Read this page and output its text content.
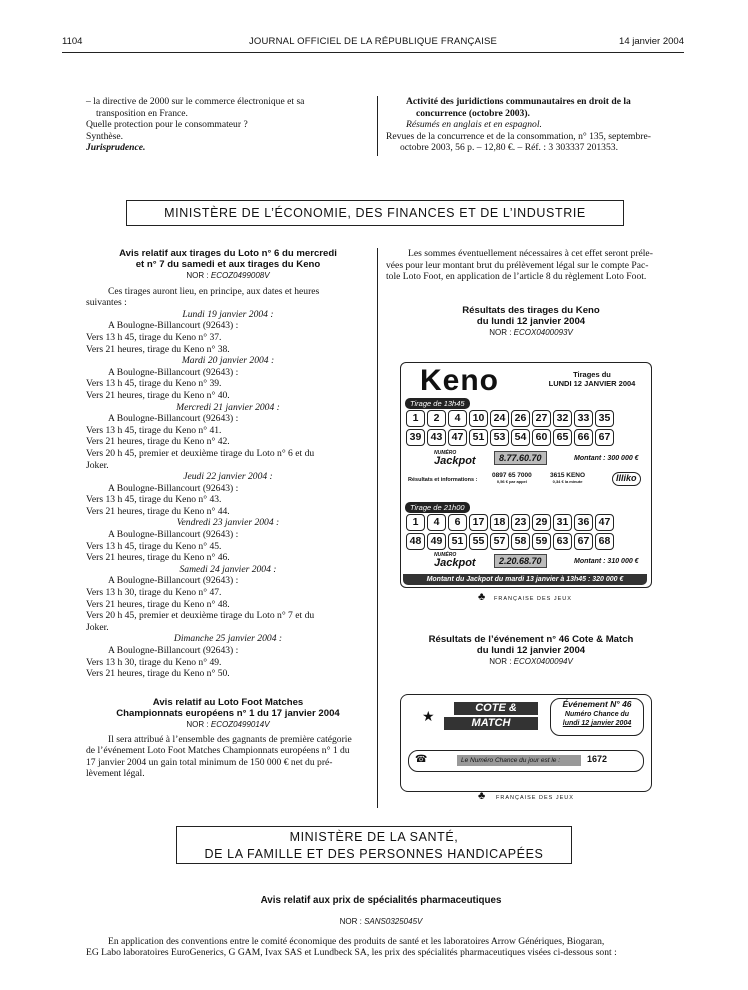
1104	JOURNAL OFFICIEL DE LA RÉPUBLIQUE FRANÇAISE	14 janvier 2004

– la directive de 2000 sur le commerce électronique et sa

transposition en France.

Quelle protection pour le consommateur ?

Synthèse.

Jurisprudence.

Activité des juridictions communautaires en droit de la

concurrence (octobre 2003).

Résumés en anglais et en espagnol.

Revues de la concurrence et de la consommation, n° 135, septembre-

octobre 2003, 56 p. – 12,80 €. – Réf. : 3 303337 201353.

MINISTÈRE DE L’ÉCONOMIE, DES FINANCES ET DE L’INDUSTRIE

Avis relatif aux tirages du Loto n° 6 du mercredi

et n° 7 du samedi et aux tirages du Keno

NOR : ECOZ0499008V

Ces tirages auront lieu, en principe, aux dates et heures

suivantes :

Lundi 19 janvier 2004 :

A Boulogne-Billancourt (92643) :

Vers 13 h 45, tirage du Keno n° 37.

Vers 21 heures, tirage du Keno n° 38.

Mardi 20 janvier 2004 :

A Boulogne-Billancourt (92643) :

Vers 13 h 45, tirage du Keno n° 39.

Vers 21 heures, tirage du Keno n° 40.

Mercredi 21 janvier 2004 :

A Boulogne-Billancourt (92643) :

Vers 13 h 45, tirage du Keno n° 41.

Vers 21 heures, tirage du Keno n° 42.

Vers 20 h 45, premier et deuxième tirage du Loto n° 6 et du

Joker.

Jeudi 22 janvier 2004 :

A Boulogne-Billancourt (92643) :

Vers 13 h 45, tirage du Keno n° 43.

Vers 21 heures, tirage du Keno n° 44.

Vendredi 23 janvier 2004 :

A Boulogne-Billancourt (92643) :

Vers 13 h 45, tirage du Keno n° 45.

Vers 21 heures, tirage du Keno n° 46.

Samedi 24 janvier 2004 :

A Boulogne-Billancourt (92643) :

Vers 13 h 30, tirage du Keno n° 47.

Vers 21 heures, tirage du Keno n° 48.

Vers 20 h 45, premier et deuxième tirage du Loto n° 7 et du

Joker.

Dimanche 25 janvier 2004 :

A Boulogne-Billancourt (92643) :

Vers 13 h 30, tirage du Keno n° 49.

Vers 21 heures, tirage du Keno n° 50.

Avis relatif au Loto Foot Matches

Championnats européens n° 1 du 17 janvier 2004

NOR : ECOZ0499014V

Il sera attribué à l’ensemble des gagnants de première catégorie

de l’événement Loto Foot Matches Championnats européens n° 1 du

17 janvier 2004 un gain total minimum de 150 000 € net du pré-

lèvement légal.

Les sommes éventuellement nécessaires à cet effet seront préle-

vées pour leur montant brut du prélèvement légal sur le compte Pac-

tole Loto Foot, en application de l’article 8 du règlement Loto Foot.

Résultats des tirages du Keno

du lundi 12 janvier 2004

NOR : ECOX0400093V

Keno	Tirages du
LUNDI 12 JANVIER 2004
Tirage de 13h45
1 2 4 10 24 26 27 32 33 35
39 43 47 51 53 54 60 65 66 67
NUMÉRO
Jackpot	8.77.60.70	Montant : 300 000 €
Résultats et informations :
0897 65 7000
0,56 € par appel
3615 KENO
0,34 € la minute	Illiko
Tirage de 21h00
1 4 6 17 18 23 29 31 36 47
48 49 51 55 57 58 59 63 67 68
NUMÉRO
Jackpot	2.20.68.70	Montant : 310 000 €
Montant du Jackpot du mardi 13 janvier à 13h45 : 320 000 €
♣ FRANÇAISE DES JEUX

Résultats de l’événement n° 46 Cote & Match

du lundi 12 janvier 2004

NOR : ECOX0400094V

★
COTE &
MATCH
Événement N° 46
Numéro Chance du
lundi 12 janvier 2004
☎	Le Numéro Chance du jour est le :	1672
♣ FRANÇAISE DES JEUX
MINISTÈRE DE LA SANTÉ,
DE LA FAMILLE ET DES PERSONNES HANDICAPÉES

Avis relatif aux prix de spécialités pharmaceutiques

NOR : SANS0325045V

En application des conventions entre le comité économique des produits de santé et les laboratoires Arrow Génériques, Biogaran,

EG Labo laboratoires EuroGenerics, G GAM, Ivax SAS et Lundbeck SA, les prix des spécialités pharmaceutiques visées ci-dessous sont :
